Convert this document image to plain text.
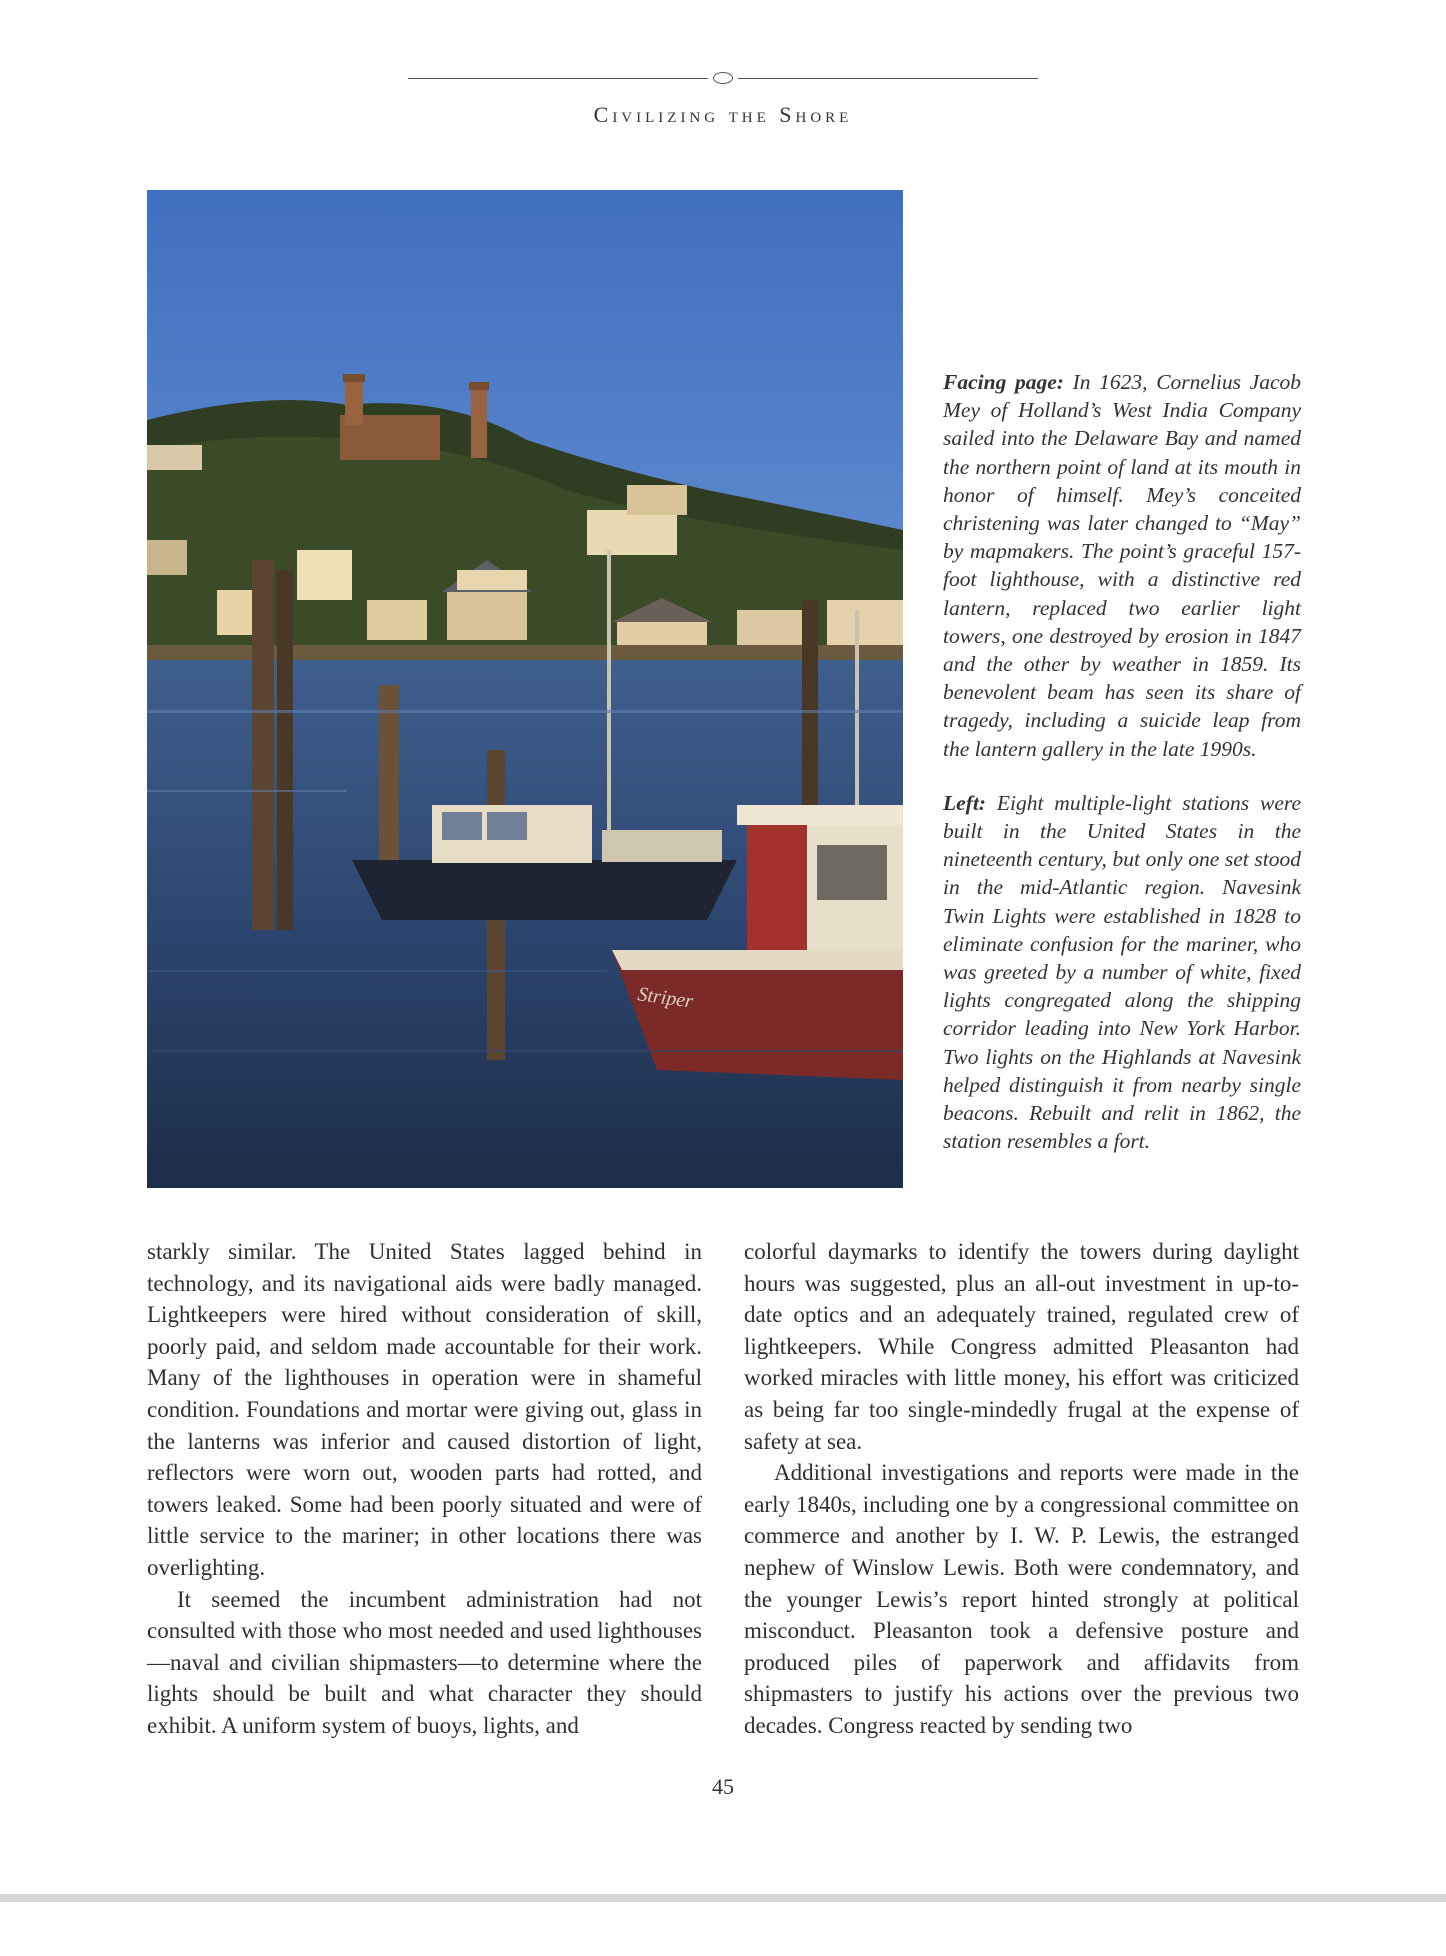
Civilizing the Shore
Striper

Facing page: In 1623, Cornelius Jacob Mey of Holland’s West India Company sailed into the Delaware Bay and named the northern point of land at its mouth in honor of himself. Mey’s conceited christening was later changed to “May” by mapmakers. The point’s graceful 157-foot lighthouse, with a distinctive red lantern, replaced two earlier light towers, one destroyed by erosion in 1847 and the other by weather in 1859. Its benevolent beam has seen its share of tragedy, including a suicide leap from the lantern gallery in the late 1990s.

Left: Eight multiple-light stations were built in the United States in the nineteenth century, but only one set stood in the mid-Atlantic region. Navesink Twin Lights were established in 1828 to eliminate confusion for the mariner, who was greeted by a number of white, fixed lights congregated along the shipping corridor leading into New York Harbor. Two lights on the Highlands at Navesink helped distinguish it from nearby single beacons. Rebuilt and relit in 1862, the station resembles a fort.

starkly similar. The United States lagged behind in technology, and its navigational aids were badly managed. Lightkeepers were hired without consideration of skill, poorly paid, and seldom made accountable for their work. Many of the lighthouses in operation were in shameful condition. Foundations and mortar were giving out, glass in the lanterns was inferior and caused distortion of light, reflectors were worn out, wooden parts had rotted, and towers leaked. Some had been poorly situated and were of little service to the mariner; in other locations there was overlighting.

It seemed the incumbent administration had not consulted with those who most needed and used lighthouses—naval and civilian shipmasters—to determine where the lights should be built and what character they should exhibit. A uniform system of buoys, lights, and

colorful daymarks to identify the towers during daylight hours was suggested, plus an all-out investment in up-to-date optics and an adequately trained, regulated crew of lightkeepers. While Congress admitted Pleasanton had worked miracles with little money, his effort was criticized as being far too single-mindedly frugal at the expense of safety at sea.

Additional investigations and reports were made in the early 1840s, including one by a congressional committee on commerce and another by I. W. P. Lewis, the estranged nephew of Winslow Lewis. Both were condemnatory, and the younger Lewis’s report hinted strongly at political misconduct. Pleasanton took a defensive posture and produced piles of paperwork and affidavits from shipmasters to justify his actions over the previous two decades. Congress reacted by sending two

45
